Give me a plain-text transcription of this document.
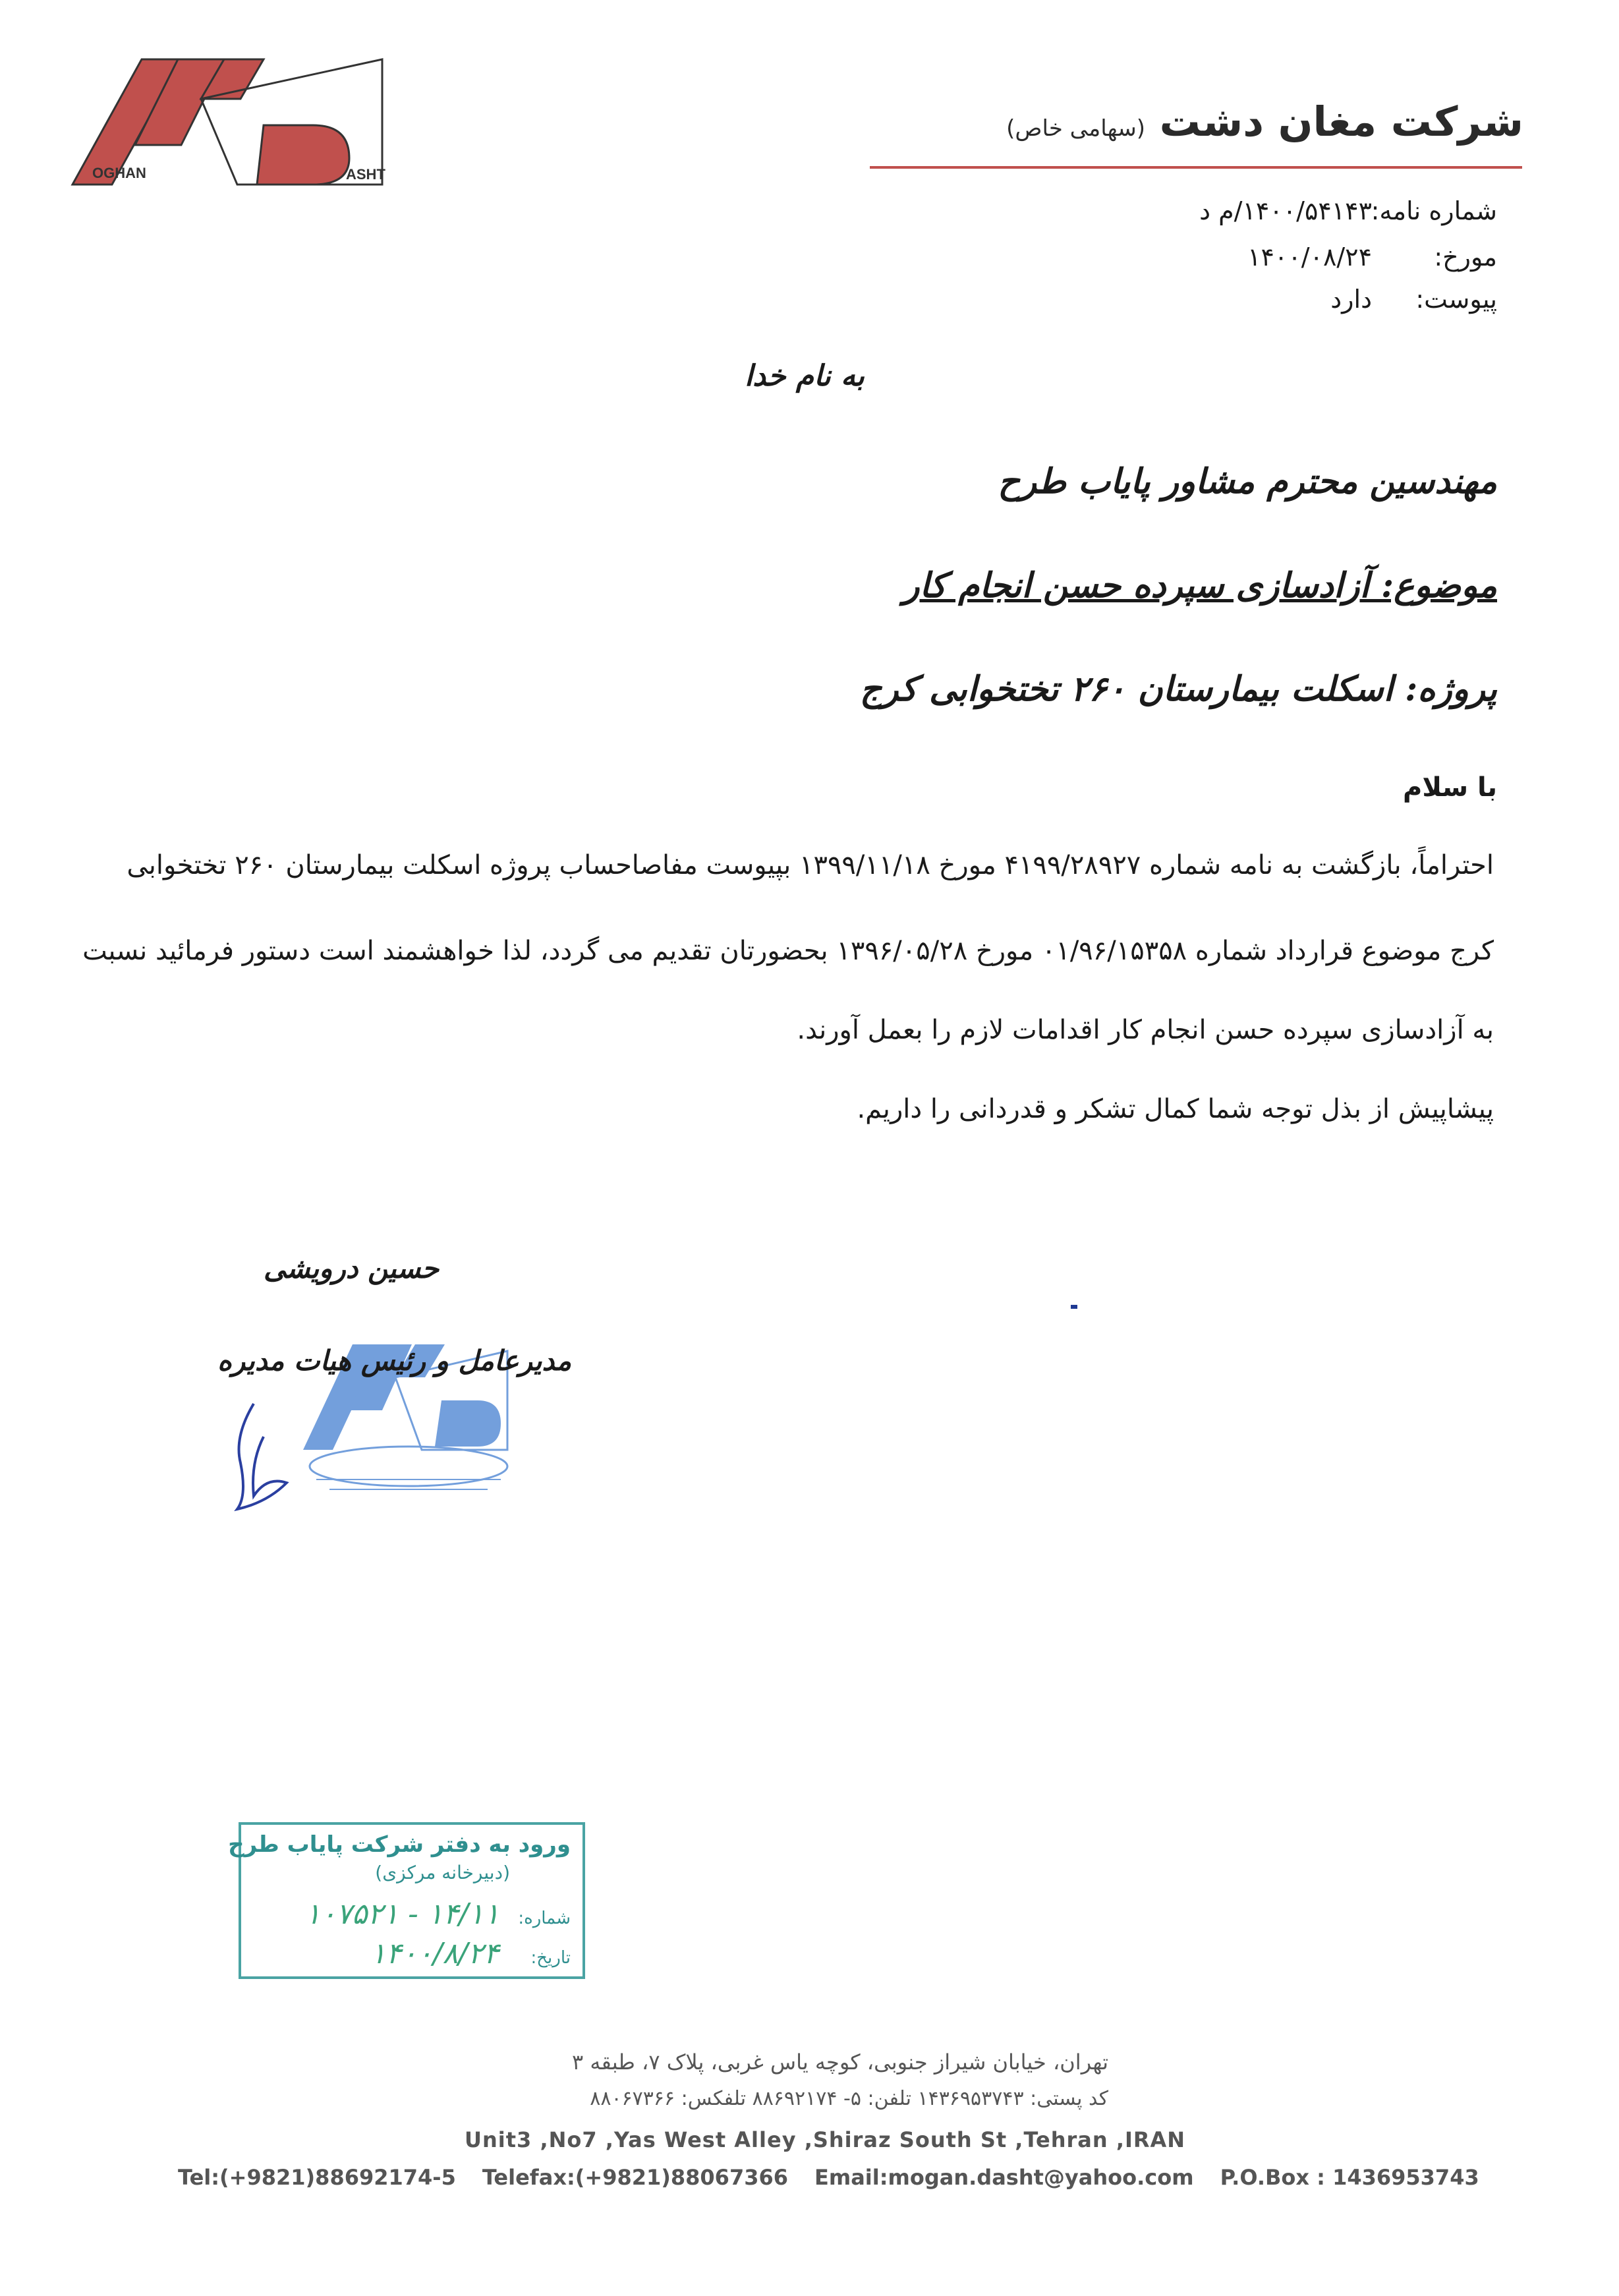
OGHAN	ASHT
شرکت مغان دشت (سهامی خاص)
شماره نامه:
۱۴۰۰/۵۴۱۴۳/م د
مورخ:
۱۴۰۰/۰۸/۲۴
پیوست:
دارد
به نام خدا
مهندسین محترم مشاور پایاب طرح
موضوع: آزادسازی سپرده حسن انجام کار
پروژه: اسکلت بیمارستان ۲۶۰ تختخوابی کرج
با سلام
احتراماً، بازگشت به نامه شماره ۴۱۹۹/۲۸۹۲۷ مورخ ۱۳۹۹/۱۱/۱۸ بپیوست مفاصاحساب پروژه اسکلت بیمارستان ۲۶۰ تختخوابی
کرج موضوع قرارداد شماره ۰۱/۹۶/۱۵۳۵۸ مورخ ۱۳۹۶/۰۵/۲۸ بحضورتان تقدیم می گردد، لذا خواهشمند است دستور فرمائید نسبت
به آزادسازی سپرده حسن انجام کار اقدامات لازم را بعمل آورند.
پیشاپیش از بذل توجه شما کمال تشکر و قدردانی را داریم.
حسین درویشی
مدیرعامل و رئیس هیات مدیره
ورود به دفتر شرکت پایاب طرح
(دبیرخانه مرکزی)
شماره: ۱۴/۱۱ - ۱۰۷۵۲۱
تاریخ: ۱۴۰۰/۸/۲۴
تهران، خیابان شیراز جنوبی، کوچه یاس غربی، پلاک ۷، طبقه ۳
کد پستی: ۱۴۳۶۹۵۳۷۴۳ تلفن: ۵- ۸۸۶۹۲۱۷۴ تلفکس: ۸۸۰۶۷۳۶۶
Unit3 ,No7 ,Yas West Alley ,Shiraz South St ,Tehran ,IRAN
Tel:(+9821)88692174-5 Telefax:(+9821)88067366 Email:mogan.dasht@yahoo.com P.O.Box : 1436953743
